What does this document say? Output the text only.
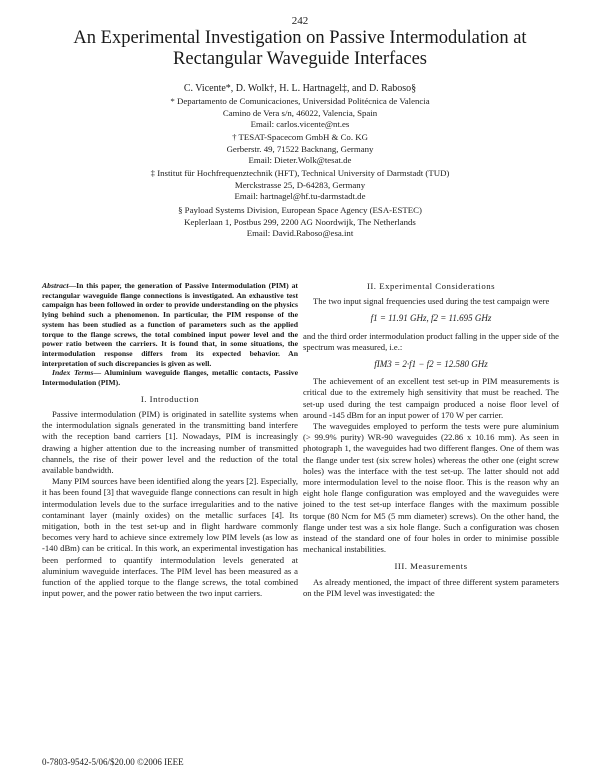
242
An Experimental Investigation on Passive Intermodulation at
Rectangular Waveguide Interfaces
C. Vicente*, D. Wolk†, H. L. Hartnagel‡, and D. Raboso§
* Departamento de Comunicaciones, Universidad Politécnica de Valencia
Camino de Vera s/n, 46022, Valencia, Spain
Email: carlos.vicente@nt.es
† TESAT-Spacecom GmbH & Co. KG
Gerberstr. 49, 71522 Backnang, Germany
Email: Dieter.Wolk@tesat.de
‡ Institut für Hochfrequenztechnik (HFT), Technical University of Darmstadt (TUD)
Merckstrasse 25, D-64283, Germany
Email: hartnagel@hf.tu-darmstadt.de
§ Payload Systems Division, European Space Agency (ESA-ESTEC)
Keplerlaan 1, Postbus 299, 2200 AG Noordwijk, The Netherlands
Email: David.Raboso@esa.int
Abstract—In this paper, the generation of Passive Intermodulation (PIM) at rectangular waveguide flange connections is investigated. An exhaustive test campaign has been followed in order to provide understanding on the physics lying behind such a phenomenon. In particular, the PIM response of the system has been studied as a function of parameters such as the applied torque to the flange screws, the total combined input power level and the power ratio between the carriers. It is found that, in some situations, the intermodulation response differs from its expected behavior. An interpretation of such discrepancies is given as well.
Index Terms— Aluminium waveguide flanges, metallic contacts, Passive Intermodulation (PIM).
I. Introduction

Passive intermodulation (PIM) is originated in satellite systems when the intermodulation signals generated in the transmitting band interfere with the reception band carriers [1]. Nowadays, PIM is increasingly drawing a higher attention due to the increasing number of transmitted channels, the rise of their power level and the reduction of the total available bandwidth.

Many PIM sources have been identified along the years [2]. Especially, it has been found [3] that waveguide flange connections can result in high intermodulation levels due to the surface irregularities and to the native contaminant layer (mainly oxides) on the metallic surfaces [4]. Its mitigation, both in the test set-up and in flight hardware commonly becomes very hard to achieve since extremely low PIM levels (as low as -140 dBm) can be critical. In this work, an experimental investigation has been performed to quantify intermodulation levels generated at aluminium waveguide interfaces. The PIM level has been measured as a function of the applied torque to the flange screws, the total combined input power, and the power ratio between the two input carriers.

II. Experimental Considerations

The two input signal frequencies used during the test campaign were

f1 = 11.91 GHz, f2 = 11.695 GHz

and the third order intermodulation product falling in the upper side of the spectrum was measured, i.e.:

fIM3 = 2·f1 − f2 = 12.580 GHz

The achievement of an excellent test set-up in PIM measurements is critical due to the extremely high sensitivity that must be reached. The set-up used during the test campaign produced a noise floor level of around -145 dBm for an input power of 170 W per carrier.

The waveguides employed to perform the tests were pure aluminium (> 99.9% purity) WR-90 waveguides (22.86 x 10.16 mm). As seen in photograph 1, the waveguides had two different flanges. One of them was the flange under test (six screw holes) whereas the other one (eight screw holes) was the interface with the test set-up. The latter should not add more intermodulation level to the noise floor. This is the reason why an eight hole flange configuration was employed and the waveguides were joined to the test set-up interface flanges with the maximum possible torque (80 Ncm for M5 (5 mm diameter) screws). On the other hand, the flange under test was a six hole flange. Such a configuration was chosen instead of the standard one of four holes in order to minimise possible mechanical instabilities.

III. Measurements

As already mentioned, the impact of three different system parameters on the PIM level was investigated: the

0-7803-9542-5/06/$20.00 ©2006 IEEE
